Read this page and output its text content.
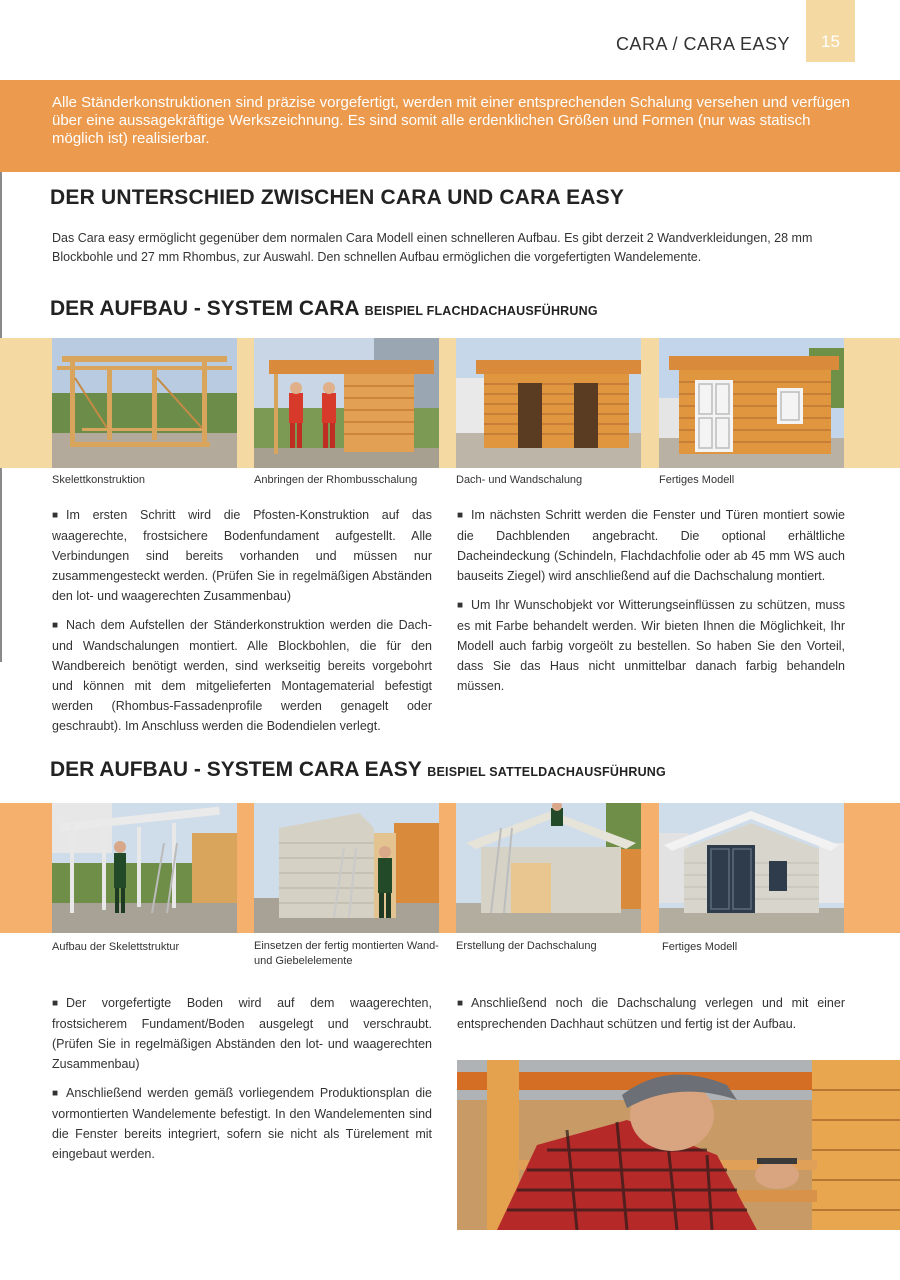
CARA / CARA EASY	15
Alle Ständerkonstruktionen sind präzise vorgefertigt, werden mit einer entsprechenden Schalung versehen und verfügen über eine aussagekräftige Werkszeichnung. Es sind somit alle erdenklichen Größen und Formen (nur was statisch möglich ist) realisierbar.
DER UNTERSCHIED ZWISCHEN CARA UND CARA EASY
Das Cara easy ermöglicht gegenüber dem normalen Cara Modell einen schnelleren Aufbau. Es gibt derzeit 2 Wandverkleidungen, 28 mm Blockbohle und 27 mm Rhombus, zur Auswahl. Den schnellen Aufbau ermöglichen die vorgefertigten Wandelemente.
DER AUFBAU - SYSTEM CARA BEISPIEL FLACHDACHAUSFÜHRUNG
Skelettkonstruktion	Anbringen der Rhombusschalung	Dach- und Wandschalung	Fertiges Modell

■ Im ersten Schritt wird die Pfosten-Konstruktion auf das waagerechte, frostsichere Bodenfundament aufgestellt. Alle Verbindungen sind bereits vorhanden und müssen nur zusammengesteckt werden. (Prüfen Sie in regelmäßigen Abständen den lot- und waagerechten Zusammenbau)

■ Nach dem Aufstellen der Ständerkonstruktion werden die Dach- und Wandschalungen montiert. Alle Blockbohlen, die für den Wandbereich benötigt werden, sind werkseitig bereits vorgebohrt und können mit dem mitgelieferten Montagematerial befestigt werden (Rhombus-Fassadenprofile werden genagelt oder geschraubt). Im Anschluss werden die Bodendielen verlegt.

■ Im nächsten Schritt werden die Fenster und Türen montiert sowie die Dachblenden angebracht. Die optional erhältliche Dacheindeckung (Schindeln, Flachdachfolie oder ab 45 mm WS auch bauseits Ziegel) wird anschließend auf die Dachschalung montiert.

■ Um Ihr Wunschobjekt vor Witterungseinflüssen zu schützen, muss es mit Farbe behandelt werden. Wir bieten Ihnen die Möglichkeit, Ihr Modell auch farbig vorgeölt zu bestellen. So haben Sie den Vorteil, dass Sie das Haus nicht unmittelbar danach farbig behandeln müssen.

DER AUFBAU - SYSTEM CARA EASY BEISPIEL SATTELDACHAUSFÜHRUNG
Aufbau der Skelettstruktur	Einsetzen der fertig montierten Wand- und Giebelelemente
Erstellung der Dachschalung	Fertiges Modell

■ Der vorgefertigte Boden wird auf dem waagerechten, frostsicherem Fundament/Boden ausgelegt und verschraubt. (Prüfen Sie in regelmäßigen Abständen den lot- und waagerechten Zusammenbau)

■ Anschließend werden gemäß vorliegendem Produktionsplan die vormontierten Wandelemente befestigt. In den Wandelementen sind die Fenster bereits integriert, sofern sie nicht als Türelement mit eingebaut werden.

■ Anschließend noch die Dachschalung verlegen und mit einer entsprechenden Dachhaut schützen und fertig ist der Aufbau.
